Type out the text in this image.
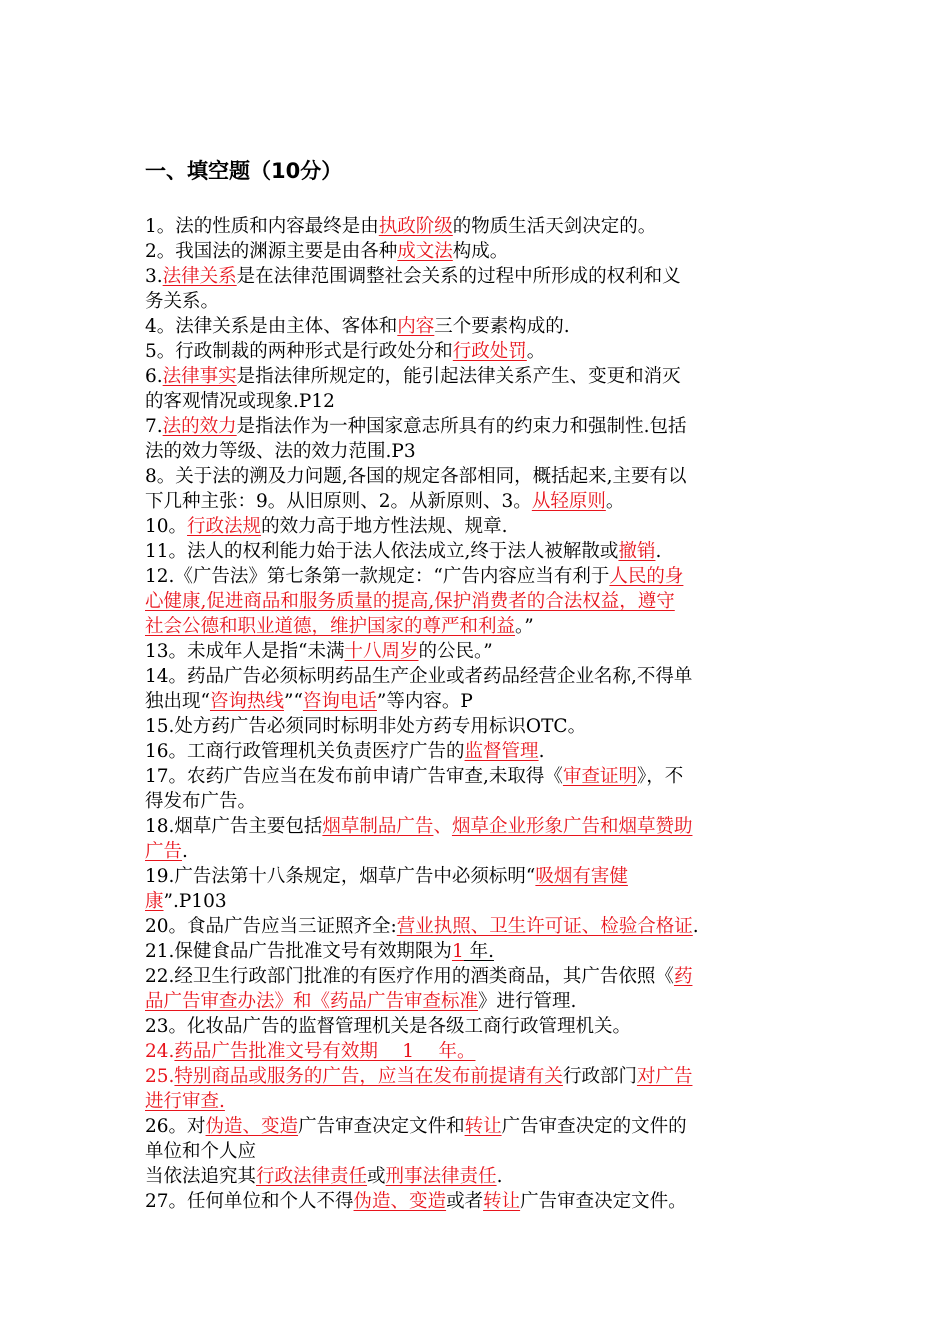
一、填空题（10分）
1。法的性质和内容最终是由执政阶级的物质生活天剑决定的。
2。我国法的渊源主要是由各种成文法构成。
3.法律关系是在法律范围调整社会关系的过程中所形成的权利和义
务关系。
4。法律关系是由主体、客体和内容三个要素构成的.
5。行政制裁的两种形式是行政处分和行政处罚。
6.法律事实是指法律所规定的，能引起法律关系产生、变更和消灭
的客观情况或现象.P12
7.法的效力是指法作为一种国家意志所具有的约束力和强制性.包括
法的效力等级、法的效力范围.P3
8。关于法的溯及力问题,各国的规定各部相同，概括起来,主要有以
下几种主张：9。从旧原则、2。从新原则、3。从轻原则。
10。行政法规的效力高于地方性法规、规章.
11。法人的权利能力始于法人依法成立,终于法人被解散或撤销.
12.《广告法》第七条第一款规定：“广告内容应当有利于人民的身
心健康,促进商品和服务质量的提高,保护消费者的合法权益，遵守
社会公德和职业道德，维护国家的尊严和利益。”
13。未成年人是指“未满十八周岁的公民。”
14。药品广告必须标明药品生产企业或者药品经营企业名称,不得单
独出现“咨询热线”“咨询电话”等内容。P
15.处方药广告必须同时标明非处方药专用标识OTC。
16。工商行政管理机关负责医疗广告的监督管理.
17。农药广告应当在发布前申请广告审查,未取得《审查证明》，不
得发布广告。
18.烟草广告主要包括烟草制品广告、烟草企业形象广告和烟草赞助
广告.
19.广告法第十八条规定，烟草广告中必须标明“吸烟有害健
康”.P103
20。食品广告应当三证照齐全:营业执照、卫生许可证、检验合格证.
21.保健食品广告批准文号有效期限为1 年.
22.经卫生行政部门批准的有医疗作用的酒类商品，其广告依照《药
品广告审查办法》和《药品广告审查标准》进行管理.
23。化妆品广告的监督管理机关是各级工商行政管理机关。
24.药品广告批准文号有效期　 1　 年。
25.特别商品或服务的广告，应当在发布前提请有关行政部门对广告
进行审查.
26。对伪造、变造广告审查决定文件和转让广告审查决定的文件的
单位和个人应
当依法追究其行政法律责任或刑事法律责任.
27。任何单位和个人不得伪造、变造或者转让广告审查决定文件。
